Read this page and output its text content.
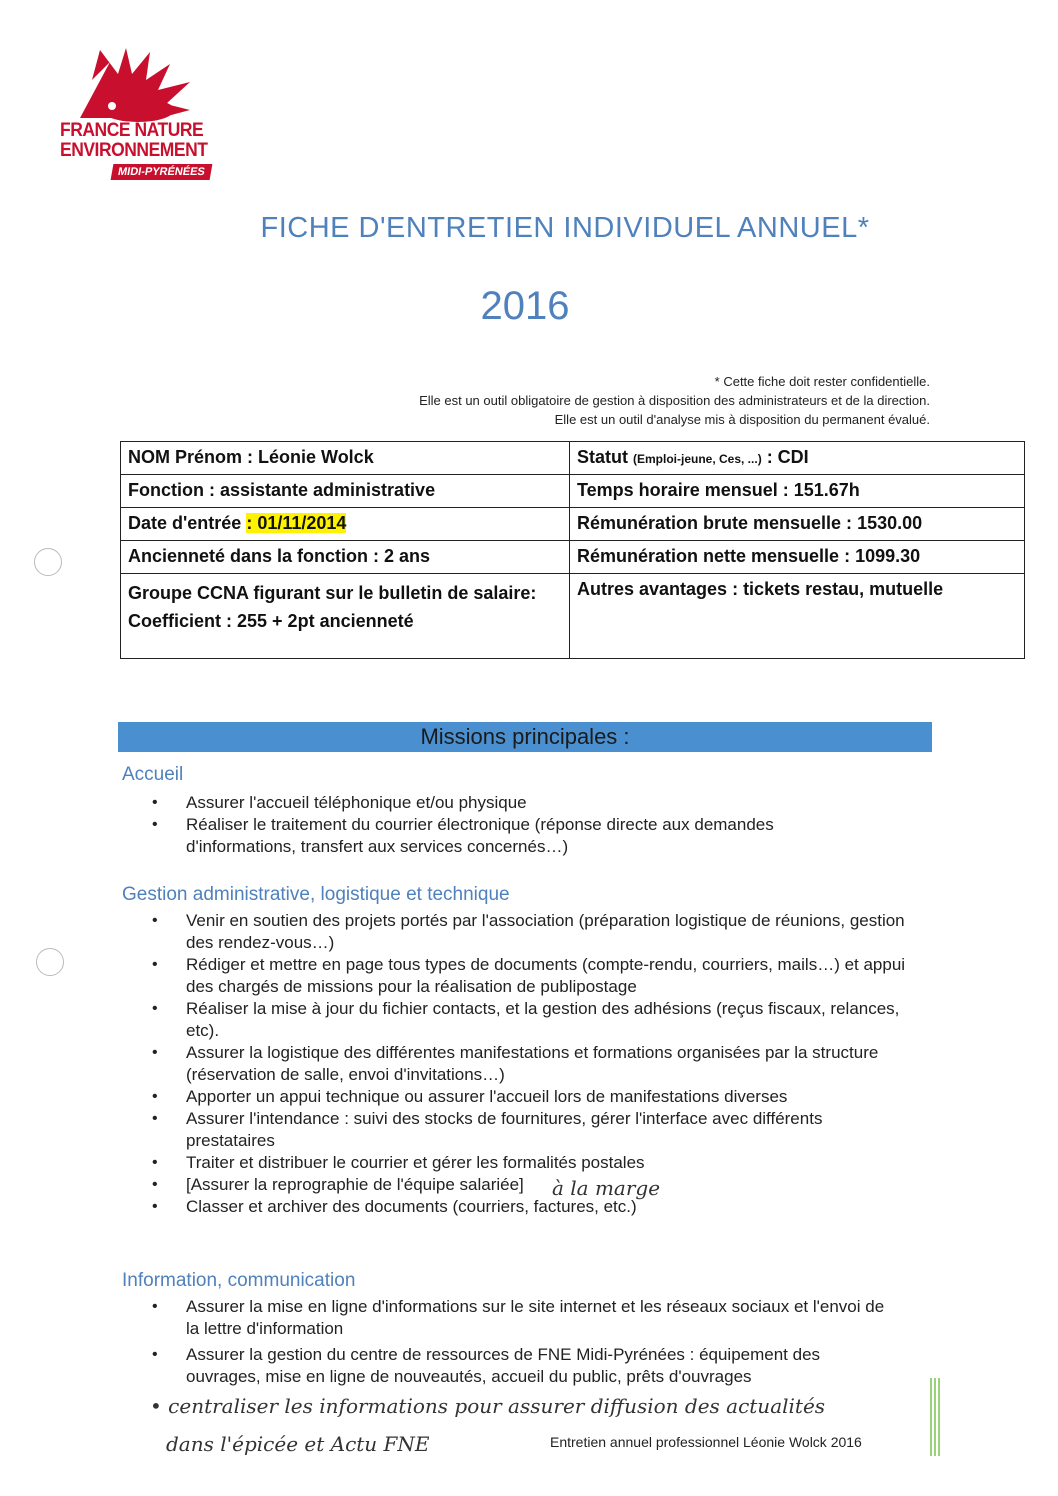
FRANCE NATURE
ENVIRONNEMENT
MIDI-PYRÉNÉES
FICHE D'ENTRETIEN INDIVIDUEL ANNUEL*
2016
* Cette fiche doit rester confidentielle.
Elle est un outil obligatoire de gestion à disposition des administrateurs et de la direction.
Elle est un outil d'analyse mis à disposition du permanent évalué.
NOM Prénom : Léonie Wolck	Statut (Emploi-jeune, Ces, ...) : CDI
Fonction : assistante administrative	Temps horaire mensuel : 151.67h
Date d'entrée : 01/11/2014	Rémunération brute mensuelle : 1530.00
Ancienneté dans la fonction : 2 ans	Rémunération nette mensuelle : 1099.30

Groupe CCNA figurant sur le bulletin de salaire:
Coefficient : 255 + 2pt ancienneté	Autres avantages : tickets restau, mutuelle
Missions principales :
Accueil
• Assurer l'accueil téléphonique et/ou physique
• Réaliser le traitement du courrier électronique (réponse directe aux demandes d'informations, transfert aux services concernés…)
Gestion administrative, logistique et technique
• Venir en soutien des projets portés par l'association (préparation logistique de réunions, gestion des rendez-vous…)
• Rédiger et mettre en page tous types de documents (compte-rendu, courriers, mails…) et appui des chargés de missions pour la réalisation de publipostage
• Réaliser la mise à jour du fichier contacts, et la gestion des adhésions (reçus fiscaux, relances, etc).
• Assurer la logistique des différentes manifestations et formations organisées par la structure (réservation de salle, envoi d'invitations…)
• Apporter un appui technique ou assurer l'accueil lors de manifestations diverses
• Assurer l'intendance : suivi des stocks de fournitures, gérer l'interface avec différents prestataires
• Traiter et distribuer le courrier et gérer les formalités postales
• [Assurer la reprographie de l'équipe salariée]
• Classer et archiver des documents (courriers, factures, etc.)
à la marge
Information, communication
• Assurer la mise en ligne d'informations sur le site internet et les réseaux sociaux et l'envoi de la lettre d'information
• Assurer la gestion du centre de ressources de FNE Midi-Pyrénées : équipement des ouvrages, mise en ligne de nouveautés, accueil du public, prêts d'ouvrages
• centraliser les informations pour assurer diffusion des actualités
dans l'épicée et Actu FNE	Entretien annuel professionnel Léonie Wolck 2016
